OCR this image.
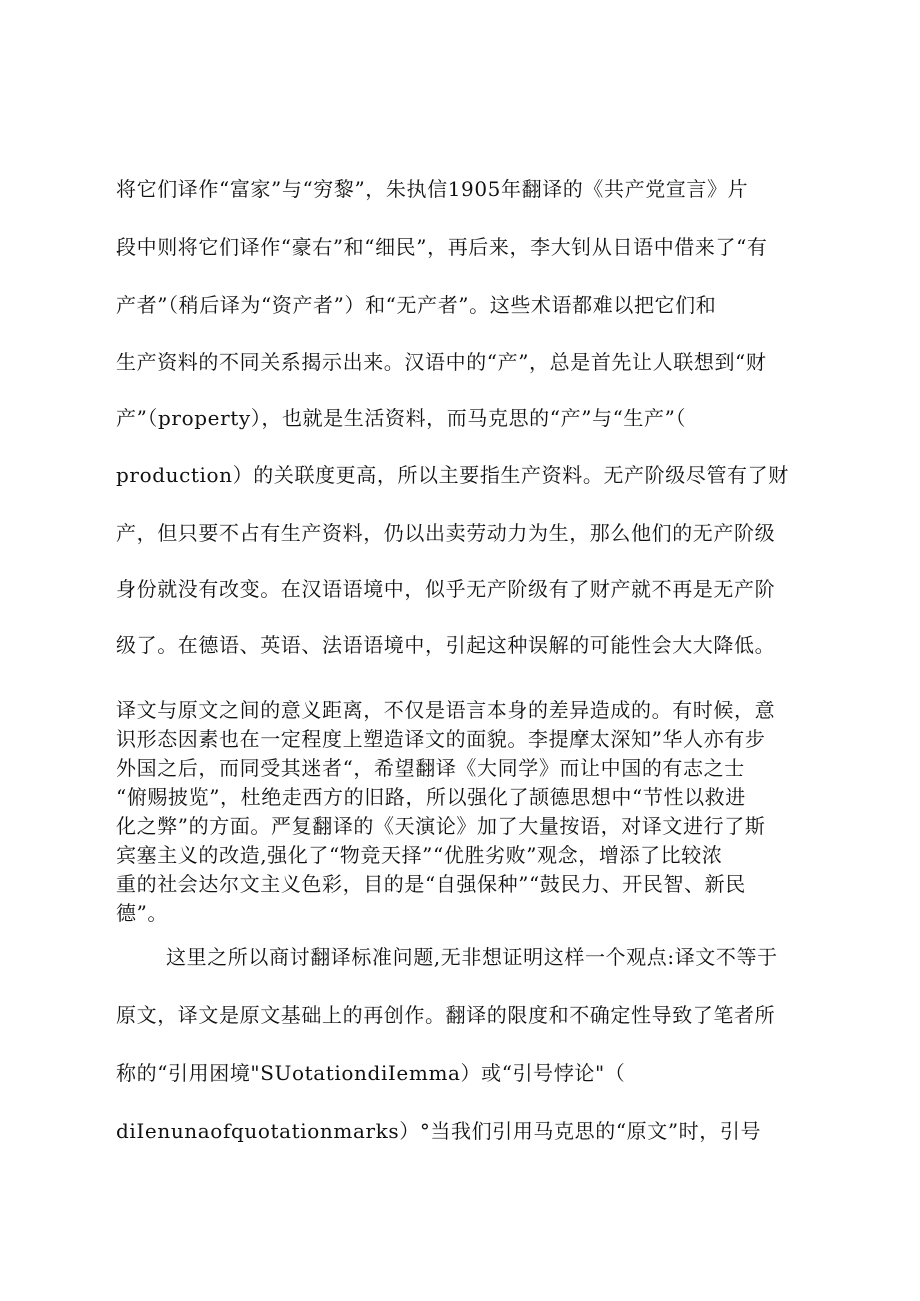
将它们译作“富家”与“穷黎”，朱执信1905年翻译的《共产党宣言》片
段中则将它们译作“豪右”和“细民”，再后来，李大钊从日语中借来了“有
产者”（稍后译为“资产者”）和“无产者”。这些术语都难以把它们和
生产资料的不同关系揭示出来。汉语中的“产”，总是首先让人联想到“财
产”（property），也就是生活资料，而马克思的“产”与“生产”（
production）的关联度更高，所以主要指生产资料。无产阶级尽管有了财
产，但只要不占有生产资料，仍以出卖劳动力为生，那么他们的无产阶级
身份就没有改变。在汉语语境中，似乎无产阶级有了财产就不再是无产阶
级了。在德语、英语、法语语境中，引起这种误解的可能性会大大降低。
译文与原文之间的意义距离，不仅是语言本身的差异造成的。有时候，意
识形态因素也在一定程度上塑造译文的面貌。李提摩太深知”华人亦有步
外国之后，而同受其迷者“，希望翻译《大同学》而让中国的有志之士
“俯赐披览”，杜绝走西方的旧路，所以强化了颉德思想中“节性以救进
化之弊”的方面。严复翻译的《天演论》加了大量按语，对译文进行了斯
宾塞主义的改造,强化了“物竞天择”“优胜劣败”观念，增添了比较浓
重的社会达尔文主义色彩，目的是“自强保种”“鼓民力、开民智、新民
德”。
这里之所以商讨翻译标准问题,无非想证明这样一个观点:译文不等于
原文，译文是原文基础上的再创作。翻译的限度和不确定性导致了笔者所
称的“引用困境"SUotationdiIemma）或“引号悖论"（
diIenunaofquotationmarks）°当我们引用马克思的“原文”时，引号
